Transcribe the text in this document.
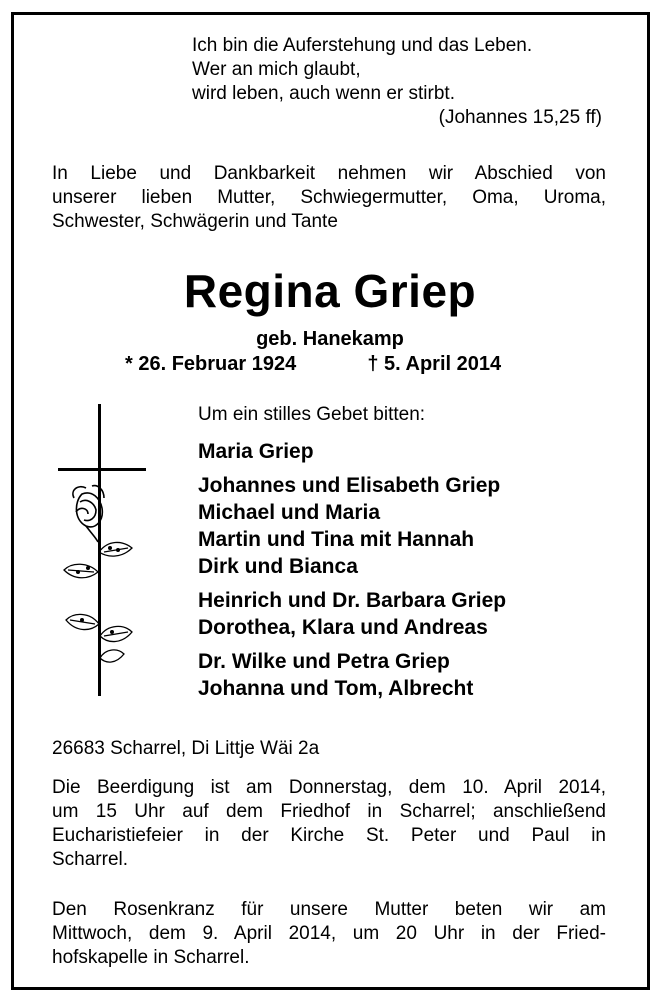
Ich bin die Auferstehung und das Leben.
Wer an mich glaubt,
wird leben, auch wenn er stirbt.
(Johannes 15,25 ff)
In Liebe und Dankbarkeit nehmen wir Abschied von
unserer lieben Mutter, Schwiegermutter, Oma, Uroma,
Schwester, Schwägerin und Tante
Regina Griep
geb. Hanekamp
* 26. Februar 1924	† 5. April 2014
Um ein stilles Gebet bitten:
Maria Griep
Johannes und Elisabeth Griep
Michael und Maria
Martin und Tina mit Hannah
Dirk und Bianca
Heinrich und Dr. Barbara Griep
Dorothea, Klara und Andreas
Dr. Wilke und Petra Griep
Johanna und Tom, Albrecht
26683 Scharrel, Di Littje Wäi 2a
Die Beerdigung ist am Donnerstag, dem 10. April 2014,
um 15 Uhr auf dem Friedhof in Scharrel; anschließend
Eucharistiefeier in der Kirche St. Peter und Paul in
Scharrel.
Den Rosenkranz für unsere Mutter beten wir am
Mittwoch, dem 9. April 2014, um 20 Uhr in der Fried-
hofskapelle in Scharrel.
